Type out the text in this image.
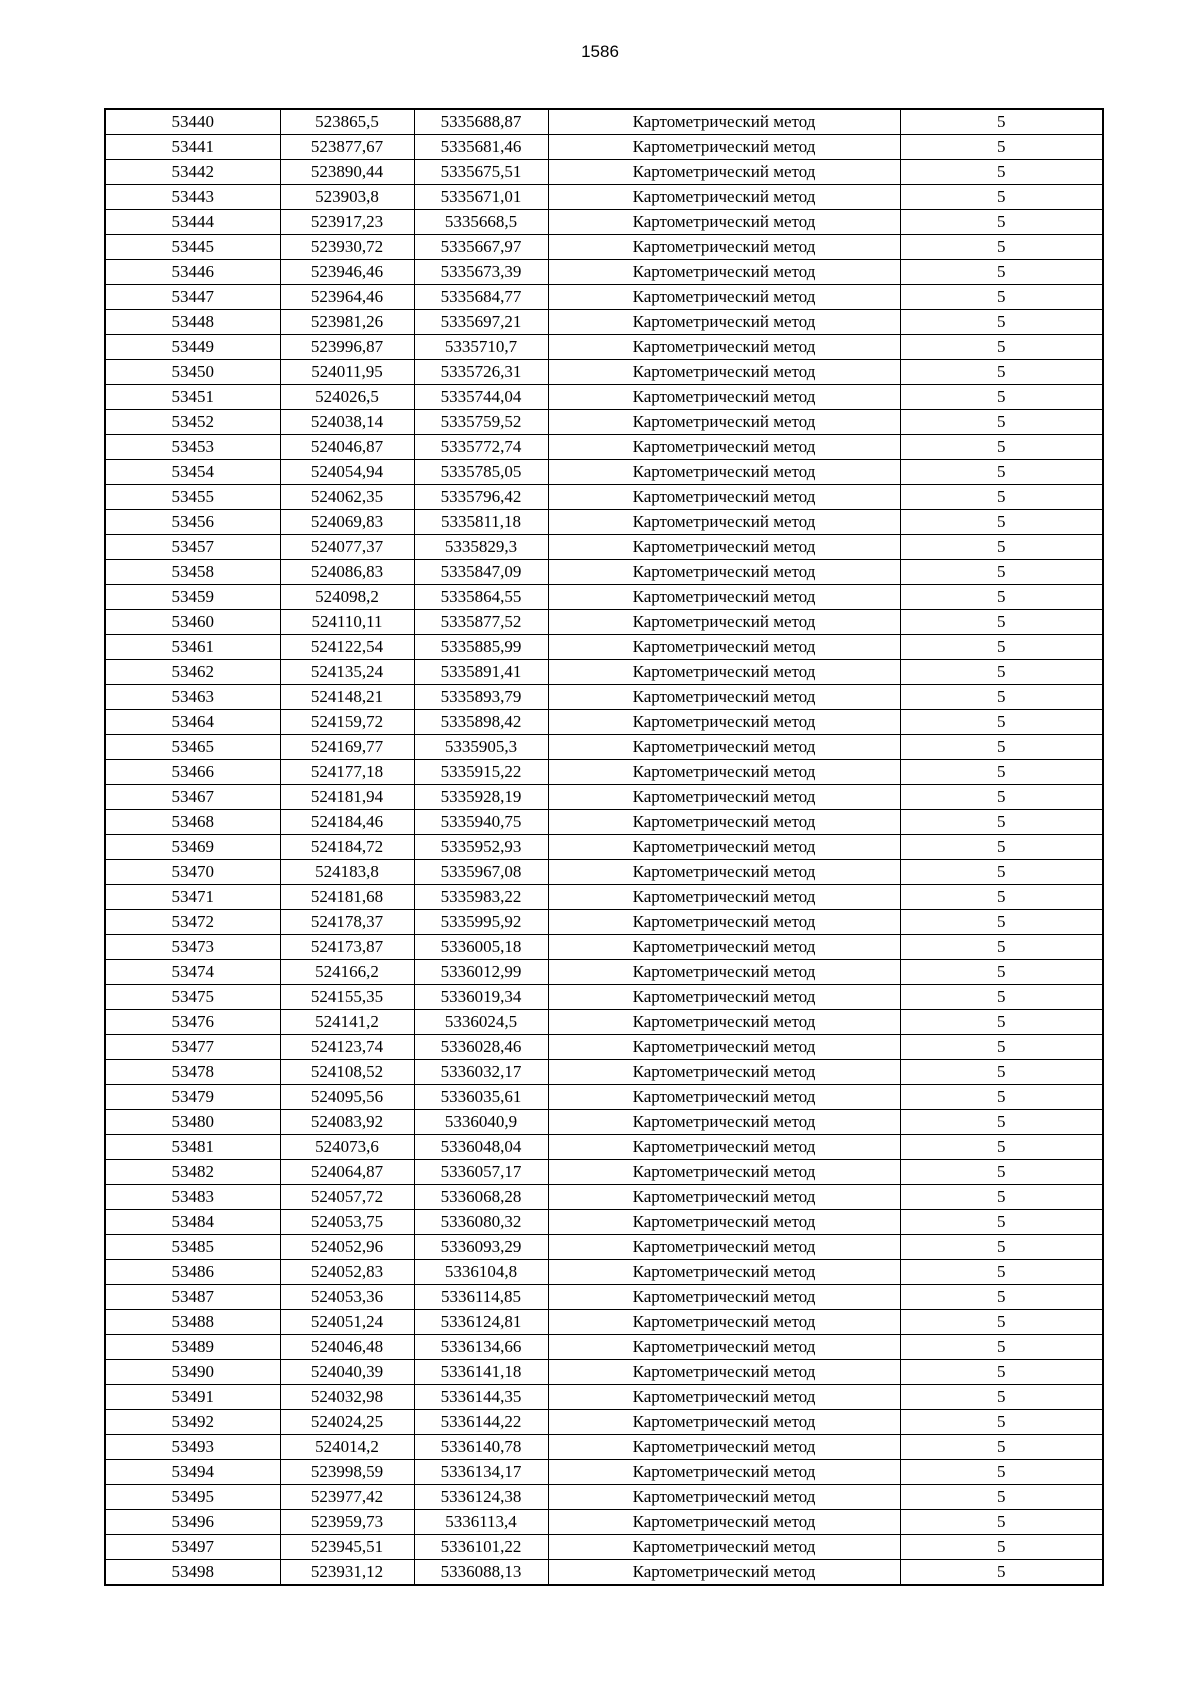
1586
53440	523865,5	5335688,87	Картометрический метод	5
53441	523877,67	5335681,46	Картометрический метод	5
53442	523890,44	5335675,51	Картометрический метод	5
53443	523903,8	5335671,01	Картометрический метод	5
53444	523917,23	5335668,5	Картометрический метод	5
53445	523930,72	5335667,97	Картометрический метод	5
53446	523946,46	5335673,39	Картометрический метод	5
53447	523964,46	5335684,77	Картометрический метод	5
53448	523981,26	5335697,21	Картометрический метод	5
53449	523996,87	5335710,7	Картометрический метод	5
53450	524011,95	5335726,31	Картометрический метод	5
53451	524026,5	5335744,04	Картометрический метод	5
53452	524038,14	5335759,52	Картометрический метод	5
53453	524046,87	5335772,74	Картометрический метод	5
53454	524054,94	5335785,05	Картометрический метод	5
53455	524062,35	5335796,42	Картометрический метод	5
53456	524069,83	5335811,18	Картометрический метод	5
53457	524077,37	5335829,3	Картометрический метод	5
53458	524086,83	5335847,09	Картометрический метод	5
53459	524098,2	5335864,55	Картометрический метод	5
53460	524110,11	5335877,52	Картометрический метод	5
53461	524122,54	5335885,99	Картометрический метод	5
53462	524135,24	5335891,41	Картометрический метод	5
53463	524148,21	5335893,79	Картометрический метод	5
53464	524159,72	5335898,42	Картометрический метод	5
53465	524169,77	5335905,3	Картометрический метод	5
53466	524177,18	5335915,22	Картометрический метод	5
53467	524181,94	5335928,19	Картометрический метод	5
53468	524184,46	5335940,75	Картометрический метод	5
53469	524184,72	5335952,93	Картометрический метод	5
53470	524183,8	5335967,08	Картометрический метод	5
53471	524181,68	5335983,22	Картометрический метод	5
53472	524178,37	5335995,92	Картометрический метод	5
53473	524173,87	5336005,18	Картометрический метод	5
53474	524166,2	5336012,99	Картометрический метод	5
53475	524155,35	5336019,34	Картометрический метод	5
53476	524141,2	5336024,5	Картометрический метод	5
53477	524123,74	5336028,46	Картометрический метод	5
53478	524108,52	5336032,17	Картометрический метод	5
53479	524095,56	5336035,61	Картометрический метод	5
53480	524083,92	5336040,9	Картометрический метод	5
53481	524073,6	5336048,04	Картометрический метод	5
53482	524064,87	5336057,17	Картометрический метод	5
53483	524057,72	5336068,28	Картометрический метод	5
53484	524053,75	5336080,32	Картометрический метод	5
53485	524052,96	5336093,29	Картометрический метод	5
53486	524052,83	5336104,8	Картометрический метод	5
53487	524053,36	5336114,85	Картометрический метод	5
53488	524051,24	5336124,81	Картометрический метод	5
53489	524046,48	5336134,66	Картометрический метод	5
53490	524040,39	5336141,18	Картометрический метод	5
53491	524032,98	5336144,35	Картометрический метод	5
53492	524024,25	5336144,22	Картометрический метод	5
53493	524014,2	5336140,78	Картометрический метод	5
53494	523998,59	5336134,17	Картометрический метод	5
53495	523977,42	5336124,38	Картометрический метод	5
53496	523959,73	5336113,4	Картометрический метод	5
53497	523945,51	5336101,22	Картометрический метод	5
53498	523931,12	5336088,13	Картометрический метод	5
